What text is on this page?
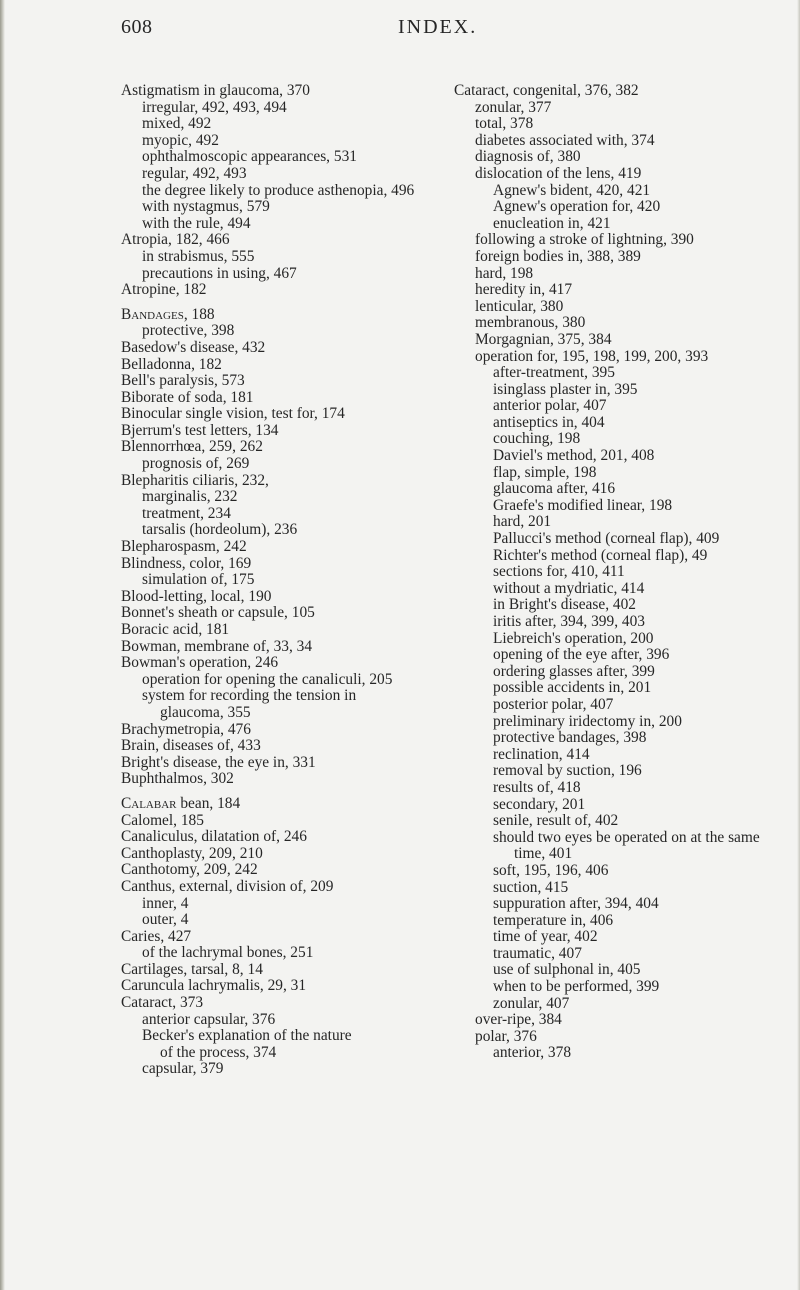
608	INDEX.
Astigmatism in glaucoma, 370
irregular, 492, 493, 494
mixed, 492
myopic, 492
ophthalmoscopic appearances, 531
regular, 492, 493
the degree likely to produce asthenopia, 496
with nystagmus, 579
with the rule, 494
Atropia, 182, 466
in strabismus, 555
precautions in using, 467
Atropine, 182
Bandages, 188
protective, 398
Basedow's disease, 432
Belladonna, 182
Bell's paralysis, 573
Biborate of soda, 181
Binocular single vision, test for, 174
Bjerrum's test letters, 134
Blennorrhœa, 259, 262
prognosis of, 269
Blepharitis ciliaris, 232,
marginalis, 232
treatment, 234
tarsalis (hordeolum), 236
Blepharospasm, 242
Blindness, color, 169
simulation of, 175
Blood-letting, local, 190
Bonnet's sheath or capsule, 105
Boracic acid, 181
Bowman, membrane of, 33, 34
Bowman's operation, 246
operation for opening the canaliculi, 205
system for recording the tension in
glaucoma, 355
Brachymetropia, 476
Brain, diseases of, 433
Bright's disease, the eye in, 331
Buphthalmos, 302
Calabar bean, 184
Calomel, 185
Canaliculus, dilatation of, 246
Canthoplasty, 209, 210
Canthotomy, 209, 242
Canthus, external, division of, 209
inner, 4
outer, 4
Caries, 427
of the lachrymal bones, 251
Cartilages, tarsal, 8, 14
Caruncula lachrymalis, 29, 31
Cataract, 373
anterior capsular, 376
Becker's explanation of the nature
of the process, 374
capsular, 379
Cataract, congenital, 376, 382
zonular, 377
total, 378
diabetes associated with, 374
diagnosis of, 380
dislocation of the lens, 419
Agnew's bident, 420, 421
Agnew's operation for, 420
enucleation in, 421
following a stroke of lightning, 390
foreign bodies in, 388, 389
hard, 198
heredity in, 417
lenticular, 380
membranous, 380
Morgagnian, 375, 384
operation for, 195, 198, 199, 200, 393
after-treatment, 395
isinglass plaster in, 395
anterior polar, 407
antiseptics in, 404
couching, 198
Daviel's method, 201, 408
flap, simple, 198
glaucoma after, 416
Graefe's modified linear, 198
hard, 201
Pallucci's method (corneal flap), 409
Richter's method (corneal flap), 49
sections for, 410, 411
without a mydriatic, 414
in Bright's disease, 402
iritis after, 394, 399, 403
Liebreich's operation, 200
opening of the eye after, 396
ordering glasses after, 399
possible accidents in, 201
posterior polar, 407
preliminary iridectomy in, 200
protective bandages, 398
reclination, 414
removal by suction, 196
results of, 418
secondary, 201
senile, result of, 402
should two eyes be operated on at the same time, 401
soft, 195, 196, 406
suction, 415
suppuration after, 394, 404
temperature in, 406
time of year, 402
traumatic, 407
use of sulphonal in, 405
when to be performed, 399
zonular, 407
over-ripe, 384
polar, 376
anterior, 378
